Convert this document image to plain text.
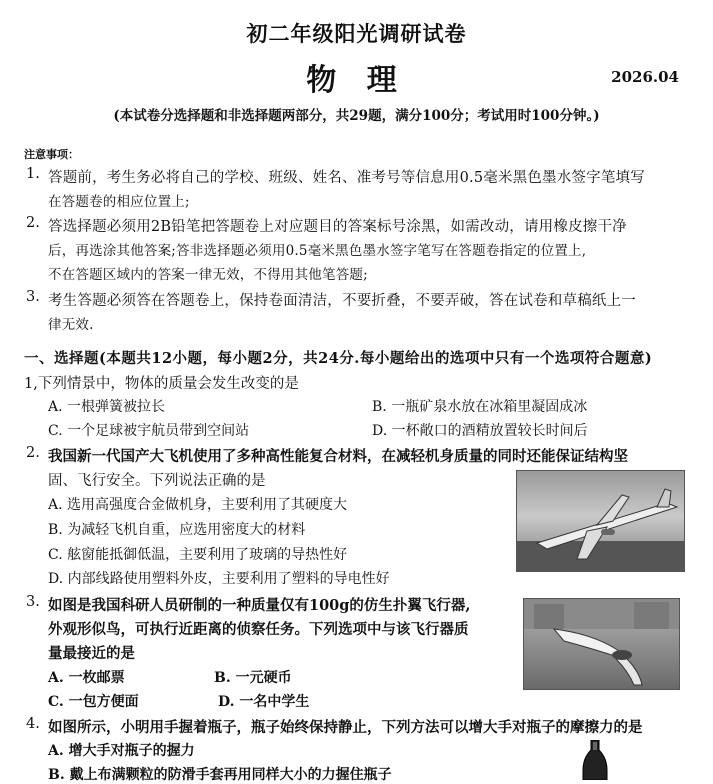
初二年级阳光调研试卷
物 理	2026.04
(本试卷分选择题和非选择题两部分，共29题，满分100分；考试用时100分钟。)
注意事项：
1. 答题前，考生务必将自己的学校、班级、姓名、准考号等信息用0.5毫米黑色墨水签字笔填写
在答题卷的相应位置上;
2. 答选择题必须用2B铅笔把答题卷上对应题目的答案标号涂黑，如需改动，请用橡皮擦干净
后，再选涂其他答案;答非选择题必须用0.5毫米黑色墨水签字笔写在答题卷指定的位置上,
不在答题区域内的答案一律无效，不得用其他笔答题;
3. 考生答题必须答在答题卷上，保持卷面清洁，不要折叠，不要弄破，答在试卷和草稿纸上一
律无效.
一、选择题(本题共12小题，每小题2分，共24分.每小题给出的选项中只有一个选项符合题意)
1,下列情景中，物体的质量会发生改变的是
A. 一根弹簧被拉长	B. 一瓶矿泉水放在冰箱里凝固成冰
C. 一个足球被宇航员带到空间站	D. 一杯敞口的酒精放置较长时间后
2. 我国新一代国产大飞机使用了多种高性能复合材料，在减轻机身质量的同时还能保证结构坚
固、飞行安全。下列说法正确的是
A. 选用高强度合金做机身，主要利用了其硬度大
B. 为减轻飞机自重，应选用密度大的材料
C. 舷窗能抵御低温，主要利用了玻璃的导热性好
D. 内部线路使用塑料外皮，主要利用了塑料的导电性好
3. 如图是我国科研人员研制的一种质量仅有100g的仿生扑翼飞行器,
外观形似鸟，可执行近距离的侦察任务。下列选项中与该飞行器质
量最接近的是
A. 一枚邮票	B. 一元硬币
C. 一包方便面	D. 一名中学生
4. 如图所示，小明用手握着瓶子，瓶子始终保持静止，下列方法可以增大手对瓶子的摩擦力的是
A. 增大手对瓶子的握力
B. 戴上布满颗粒的防滑手套再用同样大小的力握住瓶子
